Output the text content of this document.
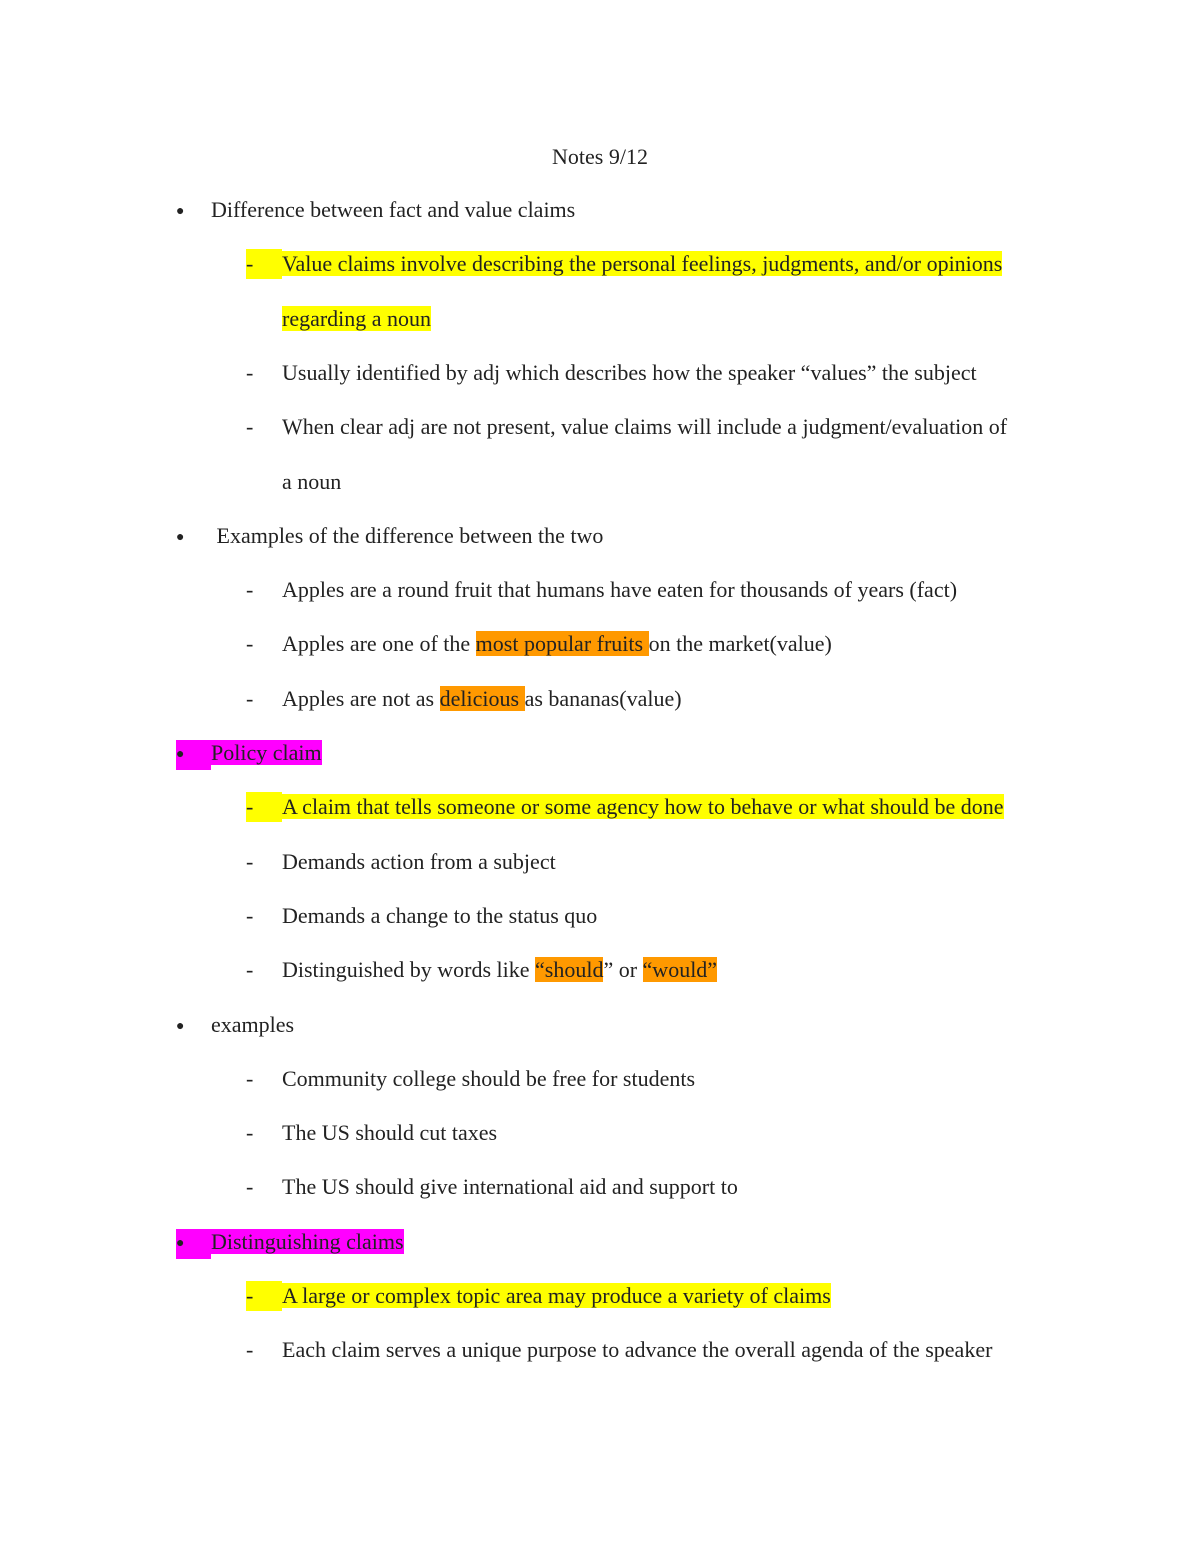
Notes 9/12
● Difference between fact and value claims
- Value claims involve describing the personal feelings, judgments, and/or opinions
regarding a noun
- Usually identified by adj which describes how the speaker “values” the subject
- When clear adj are not present, value claims will include a judgment/evaluation of
a noun
● Examples of the difference between the two
- Apples are a round fruit that humans have eaten for thousands of years (fact)
- Apples are one of the most popular fruits on the market(value)
- Apples are not as delicious as bananas(value)
● Policy claim
- A claim that tells someone or some agency how to behave or what should be done
- Demands action from a subject
- Demands a change to the status quo
- Distinguished by words like “should” or “would”
● examples
- Community college should be free for students
- The US should cut taxes
- The US should give international aid and support to
● Distinguishing claims
- A large or complex topic area may produce a variety of claims
- Each claim serves a unique purpose to advance the overall agenda of the speaker
